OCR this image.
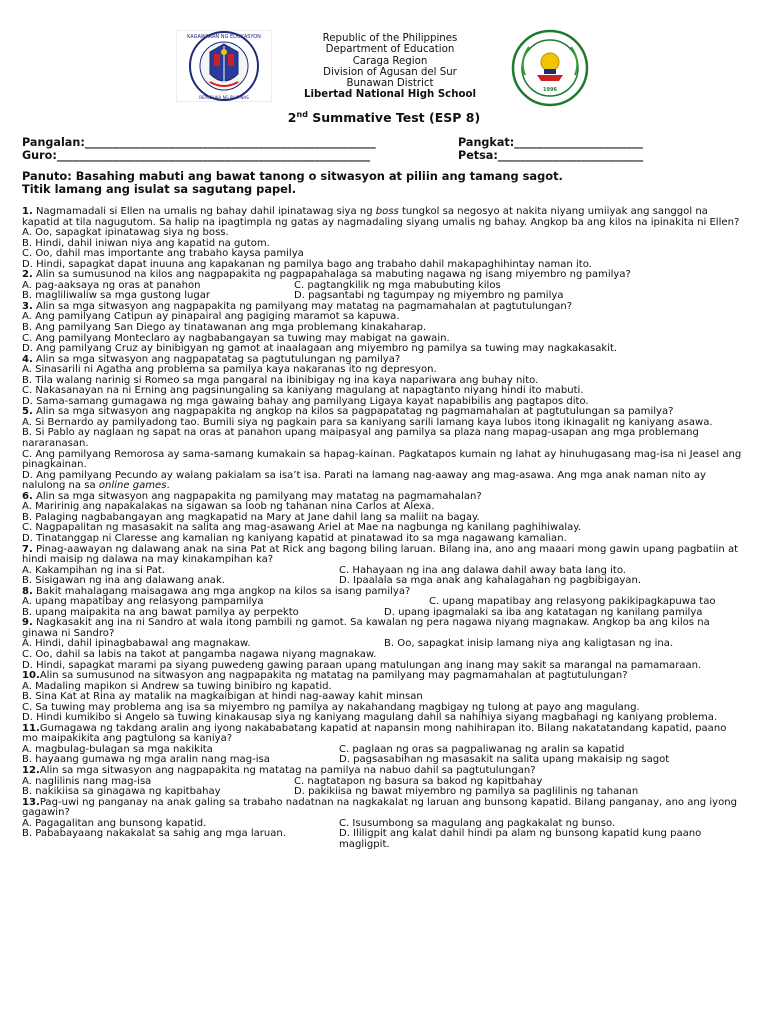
KAGAWARAN NG EDUKASYON
REPUBLIKA NG PILIPINAS
Republic of the Philippines
Department of Education
Caraga Region
Division of Agusan del Sur
Bunawan District
Libertad National High School	1996
2nd Summative Test (ESP 8)
Pangalan:____________________________________________________	Pangkat:_______________________
Guro:________________________________________________________	Petsa:__________________________
Panuto: Basahing mabuti ang bawat tanong o sitwasyon at piliin ang tamang sagot.
Titik lamang ang isulat sa sagutang papel.
1. Nagmamadali si Ellen na umalis ng bahay dahil ipinatawag siya ng boss tungkol sa negosyo at nakita niyang umiiyak ang sanggol na kapatid at tila nagugutom. Sa halip na ipagtimpla ng gatas ay nagmadaling siyang umalis ng bahay. Angkop ba ang kilos na ipinakita ni Ellen?
A. Oo, sapagkat ipinatawag siya ng boss.
B. Hindi, dahil iniwan niya ang kapatid na gutom.
C. Oo, dahil mas importante ang trabaho kaysa pamilya
D. Hindi, sapagkat dapat inuuna ang kapakanan ng pamilya bago ang trabaho dahil makapaghihintay naman ito.
2. Alin sa sumusunod na kilos ang nagpapakita ng pagpapahalaga sa mabuting nagawa ng isang miyembro ng pamilya?
A. pag-aaksaya ng oras at panahon	C. pagtangkilik ng mga mabubuting kilos
B. magliliwaliw sa mga gustong lugar	D. pagsantabi ng tagumpay ng miyembro ng pamilya
3. Alin sa mga sitwasyon ang nagpapakita ng pamilyang may matatag na pagmamahalan at pagtutulungan?
A. Ang pamilyang Catipun ay pinapairal ang pagiging maramot sa kapuwa.
B. Ang pamilyang San Diego ay tinatawanan ang mga problemang kinakaharap.
C. Ang pamilyang Monteclaro ay nagbabangayan sa tuwing may mabigat na gawain.
D. Ang pamilyang Cruz ay binibigyan ng gamot at inaalagaan ang miyembro ng pamilya sa tuwing may nagkakasakit.
4. Alin sa mga sitwasyon ang nagpapatatag sa pagtutulungan ng pamilya?
A. Sinasarili ni Agatha ang problema sa pamilya kaya nakaranas ito ng depresyon.
B. Tila walang narinig si Romeo sa mga pangaral na ibinibigay ng ina kaya napariwara ang buhay nito.
C. Nakasanayan na ni Erning ang pagsinungaling sa kaniyang magulang at napagtanto niyang hindi ito mabuti.
D. Sama-samang gumagawa ng mga gawaing bahay ang pamilyang Ligaya kayat napabibilis ang pagtapos dito.
5. Alin sa mga sitwasyon ang nagpapakita ng angkop na kilos sa pagpapatatag ng pagmamahalan at pagtutulungan sa pamilya?
A. Si Bernardo ay pamilyadong tao. Bumili siya ng pagkain para sa kaniyang sarili lamang kaya lubos itong ikinagalit ng kaniyang asawa.
B. Si Pablo ay naglaan ng sapat na oras at panahon upang maipasyal ang pamilya sa plaza nang mapag-usapan ang mga problemang nararanasan.
C. Ang pamilyang Remorosa ay sama-samang kumakain sa hapag-kainan. Pagkatapos kumain ng lahat ay hinuhugasang mag-isa ni Jeasel ang pinagkainan.
D. Ang pamilyang Pecundo ay walang pakialam sa isa’t isa. Parati na lamang nag-aaway ang mag-asawa. Ang mga anak naman nito ay nalulong na sa online games.
6. Alin sa mga sitwasyon ang nagpapakita ng pamilyang may matatag na pagmamahalan?
A. Maririnig ang napakalakas na sigawan sa loob ng tahanan nina Carlos at Alexa.
B. Palaging nagbabangayan ang magkapatid na Mary at Jane dahil lang sa maliit na bagay.
C. Nagpapalitan ng masasakit na salita ang mag-asawang Ariel at Mae na nagbunga ng kanilang paghihiwalay.
D. Tinatanggap ni Claresse ang kamalian ng kaniyang kapatid at pinatawad ito sa mga nagawang kamalian.
7. Pinag-aawayan ng dalawang anak na sina Pat at Rick ang bagong biling laruan. Bilang ina, ano ang maaari mong gawin upang pagbatiin at hindi maisip ng dalawa na may kinakampihan ka?
A. Kakampihan ng ina si Pat.	C. Hahayaan ng ina ang dalawa dahil away bata lang ito.
B. Sisigawan ng ina ang dalawang anak.	D. Ipaalala sa mga anak ang kahalagahan ng pagbibigayan.
8. Bakit mahalagang maisagawa ang mga angkop na kilos sa isang pamilya?
A. upang mapatibay ang relasyong pampamilya	C. upang mapatibay ang relasyong pakikipagkapuwa tao
B. upang maipakita na ang bawat pamilya ay perpekto	D. upang ipagmalaki sa iba ang katatagan ng kanilang pamilya
9. Nagkasakit ang ina ni Sandro at wala itong pambili ng gamot. Sa kawalan ng pera nagawa niyang magnakaw. Angkop ba ang kilos na ginawa ni Sandro?
A. Hindi, dahil ipinagbabawal ang magnakaw.	B. Oo, sapagkat inisip lamang niya ang kaligtasan ng ina.
C. Oo, dahil sa labis na takot at pangamba nagawa niyang magnakaw.
D. Hindi, sapagkat marami pa siyang puwedeng gawing paraan upang matulungan ang inang may sakit sa marangal na pamamaraan.
10.Alin sa sumusunod na sitwasyon ang nagpapakita ng matatag na pamilyang may pagmamahalan at pagtutulungan?
A. Madaling mapikon si Andrew sa tuwing binibiro ng kapatid.
B. Sina Kat at Rina ay matalik na magkaibigan at hindi nag-aaway kahit minsan
C. Sa tuwing may problema ang isa sa miyembro ng pamilya ay nakahandang magbigay ng tulong at payo ang magulang.
D. Hindi kumikibo si Angelo sa tuwing kinakausap siya ng kaniyang magulang dahil sa nahihiya siyang magbahagi ng kaniyang problema.
11.Gumagawa ng takdang aralin ang iyong nakababatang kapatid at napansin mong nahihirapan ito. Bilang nakatatandang kapatid, paano mo maipakikita ang pagtulong sa kaniya?
A. magbulag-bulagan sa mga nakikita	C. paglaan ng oras sa pagpaliwanag ng aralin sa kapatid
B. hayaang gumawa ng mga aralin nang mag-isa	D. pagsasabihan ng masasakit na salita upang makaisip ng sagot
12.Alin sa mga sitwasyon ang nagpapakita ng matatag na pamilya na nabuo dahil sa pagtutulungan?
A. naglilinis nang mag-isa	C. nagtatapon ng basura sa bakod ng kapitbahay
B. nakikiisa sa ginagawa ng kapitbahay	D. pakikiisa ng bawat miyembro ng pamilya sa paglilinis ng tahanan
13.Pag-uwi ng panganay na anak galing sa trabaho nadatnan na nagkakalat ng laruan ang bunsong kapatid. Bilang panganay, ano ang iyong gagawin?
A. Pagagalitan ang bunsong kapatid.	C. Isusumbong sa magulang ang pagkakalat ng bunso.
B. Pababayaang nakakalat sa sahig ang mga laruan.	D. Ililigpit ang kalat dahil hindi pa alam ng bunsong kapatid kung paano magligpit.
